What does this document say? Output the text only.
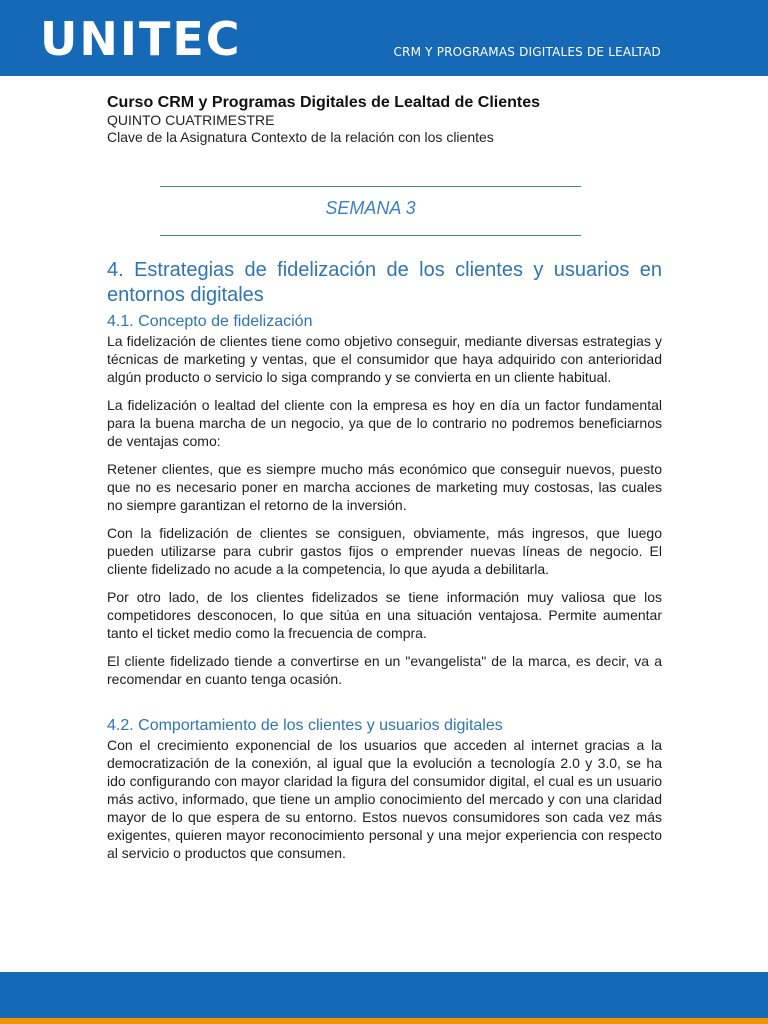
UNITEC	CRM Y PROGRAMAS DIGITALES DE LEALTAD
Curso CRM y Programas Digitales de Lealtad de Clientes
QUINTO CUATRIMESTRE
Clave de la Asignatura Contexto de la relación con los clientes
SEMANA 3
4. Estrategias de fidelización de los clientes y usuarios en entornos digitales
4.1. Concepto de fidelización

La fidelización de clientes tiene como objetivo conseguir, mediante diversas estrategias y técnicas de marketing y ventas, que el consumidor que haya adquirido con anterioridad algún producto o servicio lo siga comprando y se convierta en un cliente habitual.

La fidelización o lealtad del cliente con la empresa es hoy en día un factor fundamental para la buena marcha de un negocio, ya que de lo contrario no podremos beneficiarnos de ventajas como:

Retener clientes, que es siempre mucho más económico que conseguir nuevos, puesto que no es necesario poner en marcha acciones de marketing muy costosas, las cuales no siempre garantizan el retorno de la inversión.

Con la fidelización de clientes se consiguen, obviamente, más ingresos, que luego pueden utilizarse para cubrir gastos fijos o emprender nuevas líneas de negocio. El cliente fidelizado no acude a la competencia, lo que ayuda a debilitarla.

Por otro lado, de los clientes fidelizados se tiene información muy valiosa que los competidores desconocen, lo que sitúa en una situación ventajosa. Permite aumentar tanto el ticket medio como la frecuencia de compra.

El cliente fidelizado tiende a convertirse en un "evangelista" de la marca, es decir, va a recomendar en cuanto tenga ocasión.

4.2. Comportamiento de los clientes y usuarios digitales

Con el crecimiento exponencial de los usuarios que acceden al internet gracias a la democratización de la conexión, al igual que la evolución a tecnología 2.0 y 3.0, se ha ido configurando con mayor claridad la figura del consumidor digital, el cual es un usuario más activo, informado, que tiene un amplio conocimiento del mercado y con una claridad mayor de lo que espera de su entorno. Estos nuevos consumidores son cada vez más exigentes, quieren mayor reconocimiento personal y una mejor experiencia con respecto al servicio o productos que consumen.
